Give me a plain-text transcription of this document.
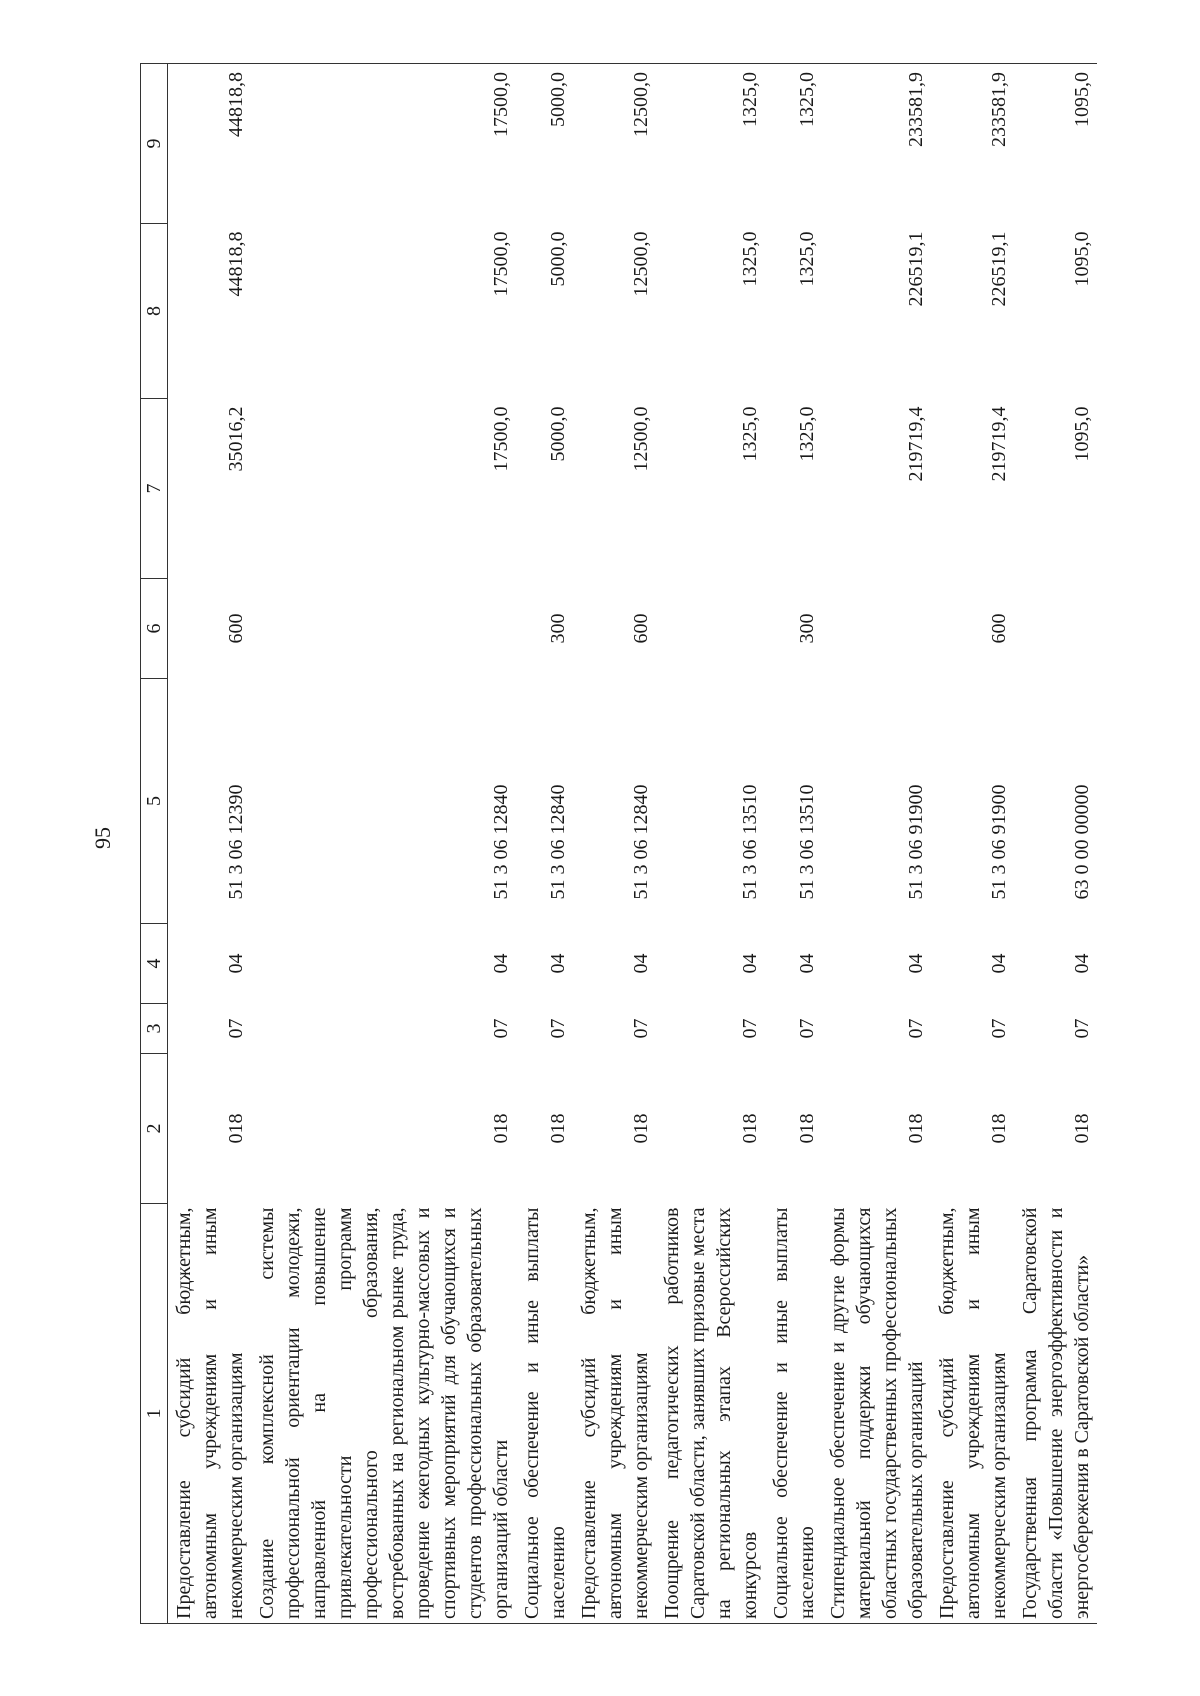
95
1	2	3	4	5	6	7	8	9
Предоставление субсидий бюджетным, автономным учреждениям и иным некоммерческим организациям	018	07	04	51 3 06 12390	600	35016,2	44818,8	44818,8
Создание комплексной системы профессиональной ориентации молодежи, направленной на повышение привлекательности программ профессионального образования, востребованных на региональном рынке труда, проведение ежегодных культурно-массовых и спортивных мероприятий для обучающихся и студентов профессиональных образовательных организаций области	018	07	04	51 3 06 12840		17500,0	17500,0	17500,0
Социальное обеспечение и иные выплаты населению	018	07	04	51 3 06 12840	300	5000,0	5000,0	5000,0
Предоставление субсидий бюджетным, автономным учреждениям и иным некоммерческим организациям	018	07	04	51 3 06 12840	600	12500,0	12500,0	12500,0
Поощрение педагогических работников Саратовской области, занявших призовые места на региональных этапах Всероссийских конкурсов	018	07	04	51 3 06 13510		1325,0	1325,0	1325,0
Социальное обеспечение и иные выплаты населению	018	07	04	51 3 06 13510	300	1325,0	1325,0	1325,0
Стипендиальное обеспечение и другие формы материальной поддержки обучающихся областных государственных профессиональных образовательных организаций	018	07	04	51 3 06 91900		219719,4	226519,1	233581,9
Предоставление субсидий бюджетным, автономным учреждениям и иным некоммерческим организациям	018	07	04	51 3 06 91900	600	219719,4	226519,1	233581,9
Государственная программа Саратовской области «Повышение энергоэффективности и энергосбережения в Саратовской области»	018	07	04	63 0 00 00000		1095,0	1095,0	1095,0
